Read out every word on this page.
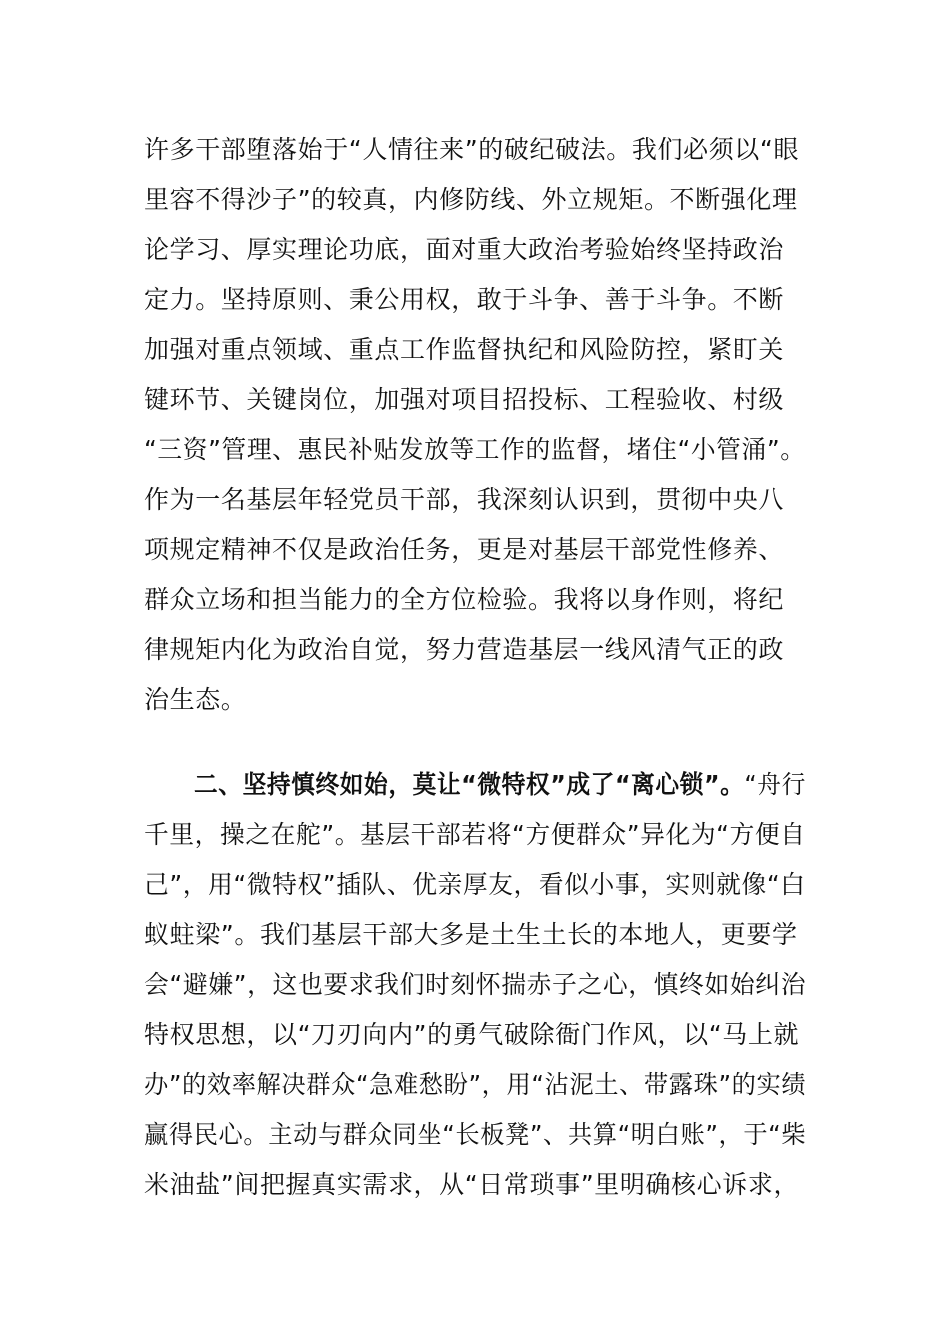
许多干部堕落始于“人情往来”的破纪破法。我们必须以“眼
里容不得沙子”的较真，内修防线、外立规矩。不断强化理
论学习、厚实理论功底，面对重大政治考验始终坚持政治
定力。坚持原则、秉公用权，敢于斗争、善于斗争。不断
加强对重点领域、重点工作监督执纪和风险防控，紧盯关
键环节、关键岗位，加强对项目招投标、工程验收、村级
“三资”管理、惠民补贴发放等工作的监督，堵住“小管涌”。
作为一名基层年轻党员干部，我深刻认识到，贯彻中央八
项规定精神不仅是政治任务，更是对基层干部党性修养、
群众立场和担当能力的全方位检验。我将以身作则，将纪
律规矩内化为政治自觉，努力营造基层一线风清气正的政
治生态。
二、坚持慎终如始，莫让“微特权”成了“离心锁”。“舟行
千里，操之在舵”。基层干部若将“方便群众”异化为“方便自
己”，用“微特权”插队、优亲厚友，看似小事，实则就像“白
蚁蛀梁”。我们基层干部大多是土生土长的本地人，更要学
会“避嫌”，这也要求我们时刻怀揣赤子之心，慎终如始纠治
特权思想，以“刀刃向内”的勇气破除衙门作风，以“马上就
办”的效率解决群众“急难愁盼”，用“沾泥土、带露珠”的实绩
赢得民心。主动与群众同坐“长板凳”、共算“明白账”，于“柴
米油盐”间把握真实需求，从“日常琐事”里明确核心诉求，
